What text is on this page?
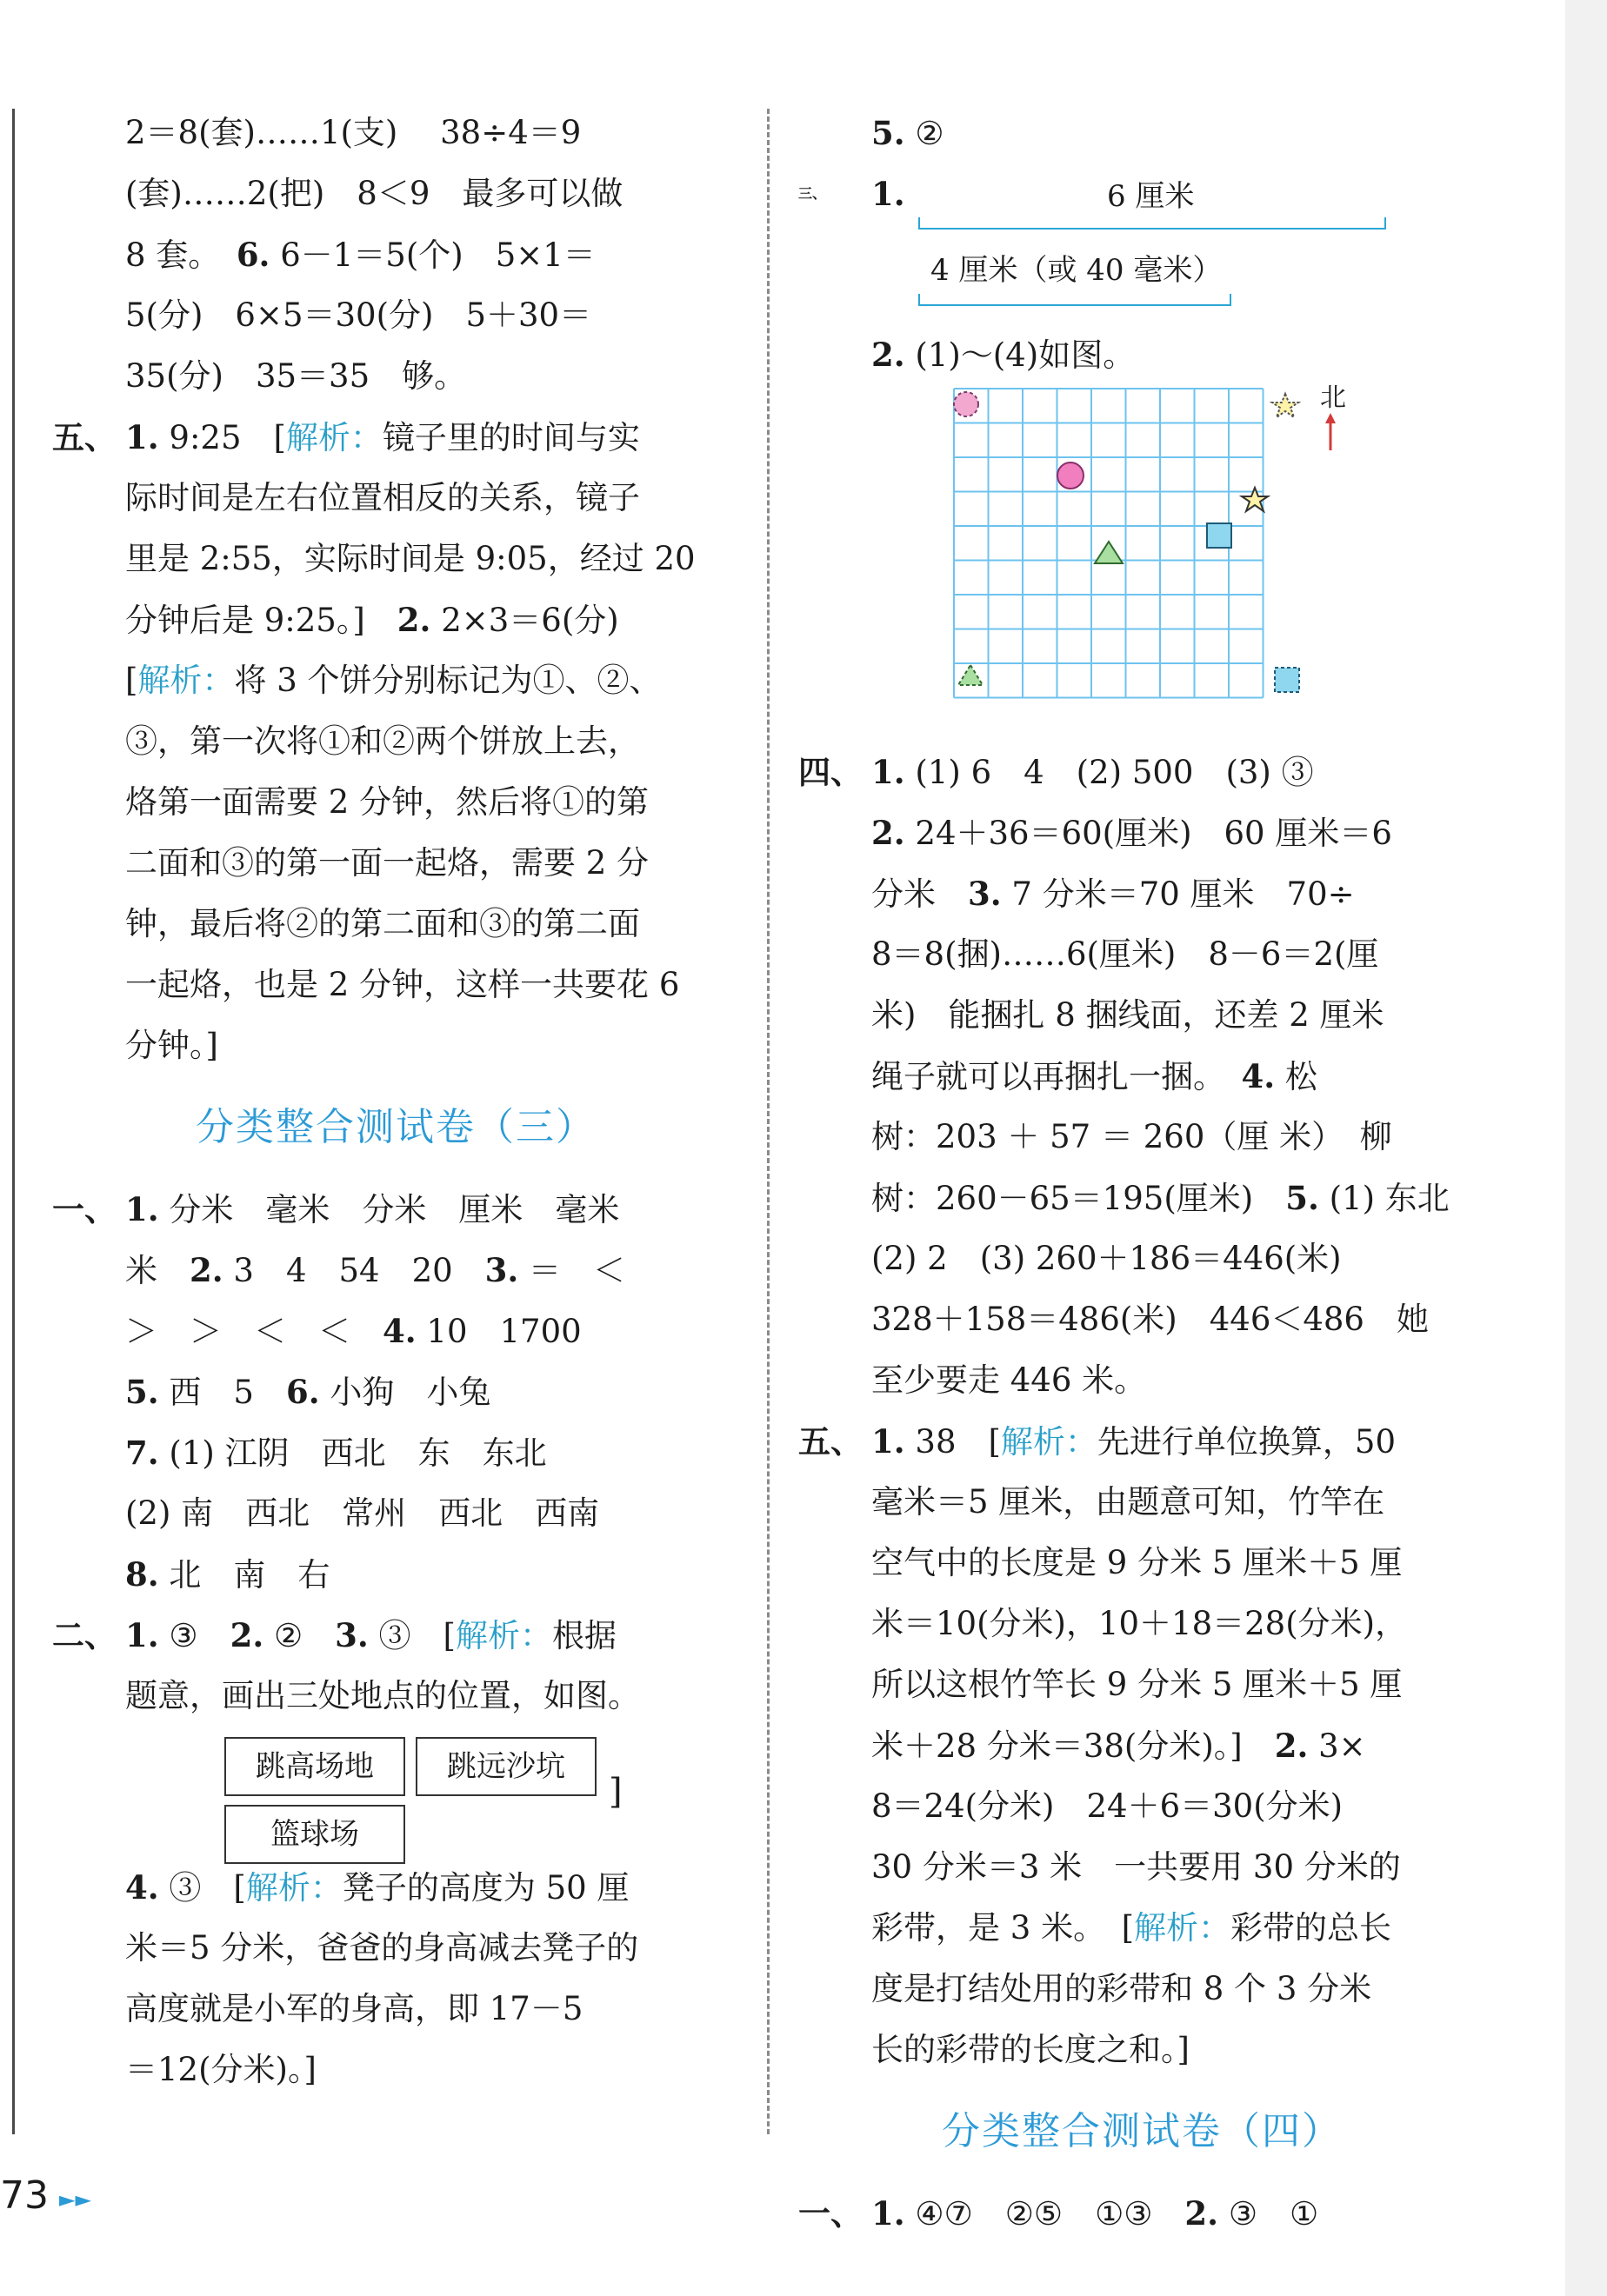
2＝8(套)……1(支)　 38÷4＝9
(套)……2(把)　8＜9　最多可以做
8 套。　 6. 6－1＝5(个)　5×1＝
5(分)　6×5＝30(分)　5＋30＝
35(分)　35＝35　够。
五、 1. 9:25　[解析：镜子里的时间与实
际时间是左右位置相反的关系，镜子
里是 2:55，实际时间是 9:05，经过 20
分钟后是 9:25。]　2. 2×3＝6(分)
[解析：将 3 个饼分别标记为①、②、
③，第一次将①和②两个饼放上去，
烙第一面需要 2 分钟，然后将①的第
二面和③的第一面一起烙，需要 2 分
钟，最后将②的第二面和③的第二面
一起烙，也是 2 分钟，这样一共要花 6
分钟。]
分类整合测试卷（三）
一、 1. 分米　毫米　分米　厘米　毫米
米　2. 3　4　54　20　3. ＝　＜
＞　＞　＜　＜　4. 10　1700
5. 西　5　6. 小狗　小兔
7. (1) 江阴　西北　东　东北
(2) 南　西北　常州　西北　西南
8. 北　南　右
二、 1. ③　2. ②　3. ③　[解析：根据
题意，画出三处地点的位置，如图。
跳高场地	跳远沙坑
篮球场
]
4. ③　[解析：凳子的高度为 50 厘
米＝5 分米，爸爸的身高减去凳子的
高度就是小军的身高，即 17－5
＝12(分米)。]
5. ②
三、 1.	6 厘米
4 厘米（或 40 毫米）
2. (1)～(4)如图。
北
四、 1. (1) 6　4　(2) 500　(3) ③
2. 24＋36＝60(厘米)　60 厘米＝6
分米　3. 7 分米＝70 厘米　70÷
8＝8(捆)……6(厘米)　8－6＝2(厘
米)　能捆扎 8 捆线面，还差 2 厘米
绳子就可以再捆扎一捆。　4. 松
树：203 ＋ 57 ＝ 260（厘 米）　柳
树：260－65＝195(厘米)　5. (1) 东北
(2) 2　(3) 260＋186＝446(米)
328＋158＝486(米)　446＜486　她
至少要走 446 米。
五、 1. 38　[解析：先进行单位换算，50
毫米＝5 厘米，由题意可知，竹竿在
空气中的长度是 9 分米 5 厘米＋5 厘
米＝10(分米)，10＋18＝28(分米)，
所以这根竹竿长 9 分米 5 厘米＋5 厘
米＋28 分米＝38(分米)。]　2. 3×
8＝24(分米)　24＋6＝30(分米)
30 分米＝3 米　一共要用 30 分米的
彩带，是 3 米。　[解析：彩带的总长
度是打结处用的彩带和 8 个 3 分米
长的彩带的长度之和。]
分类整合测试卷（四）
一、 1. ④⑦　②⑤　①③　2. ③　①
73 ►►
